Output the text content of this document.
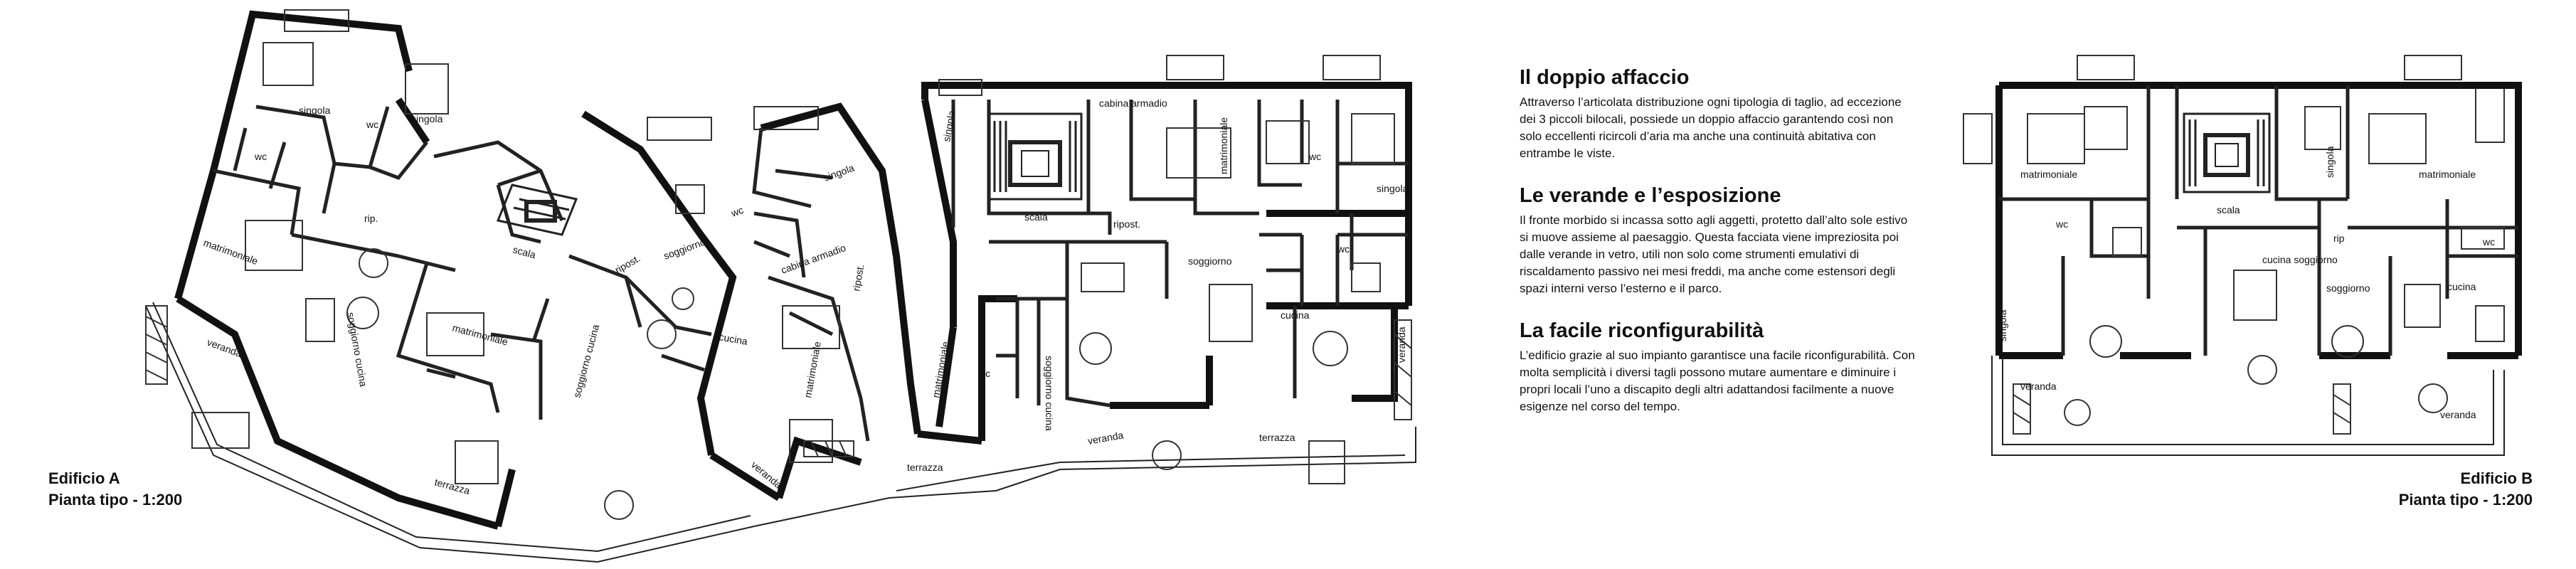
singola
wc	singola
wc
matrimoniale
rip.
soggiorno cucina
veranda
scala
ripost.
matrimoniale	soggiorno cucina
soggiorno
cucina
terrazza	veranda
wc
singola
cabina armadio
matrimoniale
ripost.
singola
scala
cabina armadio
ripost.
matrimoniale	wc
singola
wc
matrimoniale	soggiorno cucina
wc
soggiorno
cucina
veranda	terrazza
terrazza
veranda
Edificio A
Pianta tipo - 1:200
Il doppio affaccio
Attraverso l’articolata distribuzione ogni tipologia di taglio, ad eccezione dei 3 piccoli bilocali, possiede un doppio affaccio garantendo così non solo eccellenti ricircoli d’aria ma anche una continuità abitativa con entrambe le viste.
Le verande e l’esposizione
Il fronte morbido si incassa sotto agli aggetti, protetto dall’alto sole estivo si muove assieme al paesaggio. Questa facciata viene impreziosita poi dalle verande in vetro, utili non solo come strumenti emulativi di riscaldamento passivo nei mesi freddi, ma anche come estensori degli spazi interni verso l’esterno e il parco.
La facile riconfigurabilità
L’edificio grazie al suo impianto garantisce una facile riconfigurabilità. Con molta semplicità i diversi tagli possono mutare aumentare e diminuire i propri locali l’uno a discapito degli altri adattandosi facilmente a nuove esigenze nel corso del tempo.
matrimoniale
wc
singola
veranda
scala
rip
cucina soggiorno
singola	matrimoniale
wc
soggiorno	cucina
veranda
Edificio B
Pianta tipo - 1:200
